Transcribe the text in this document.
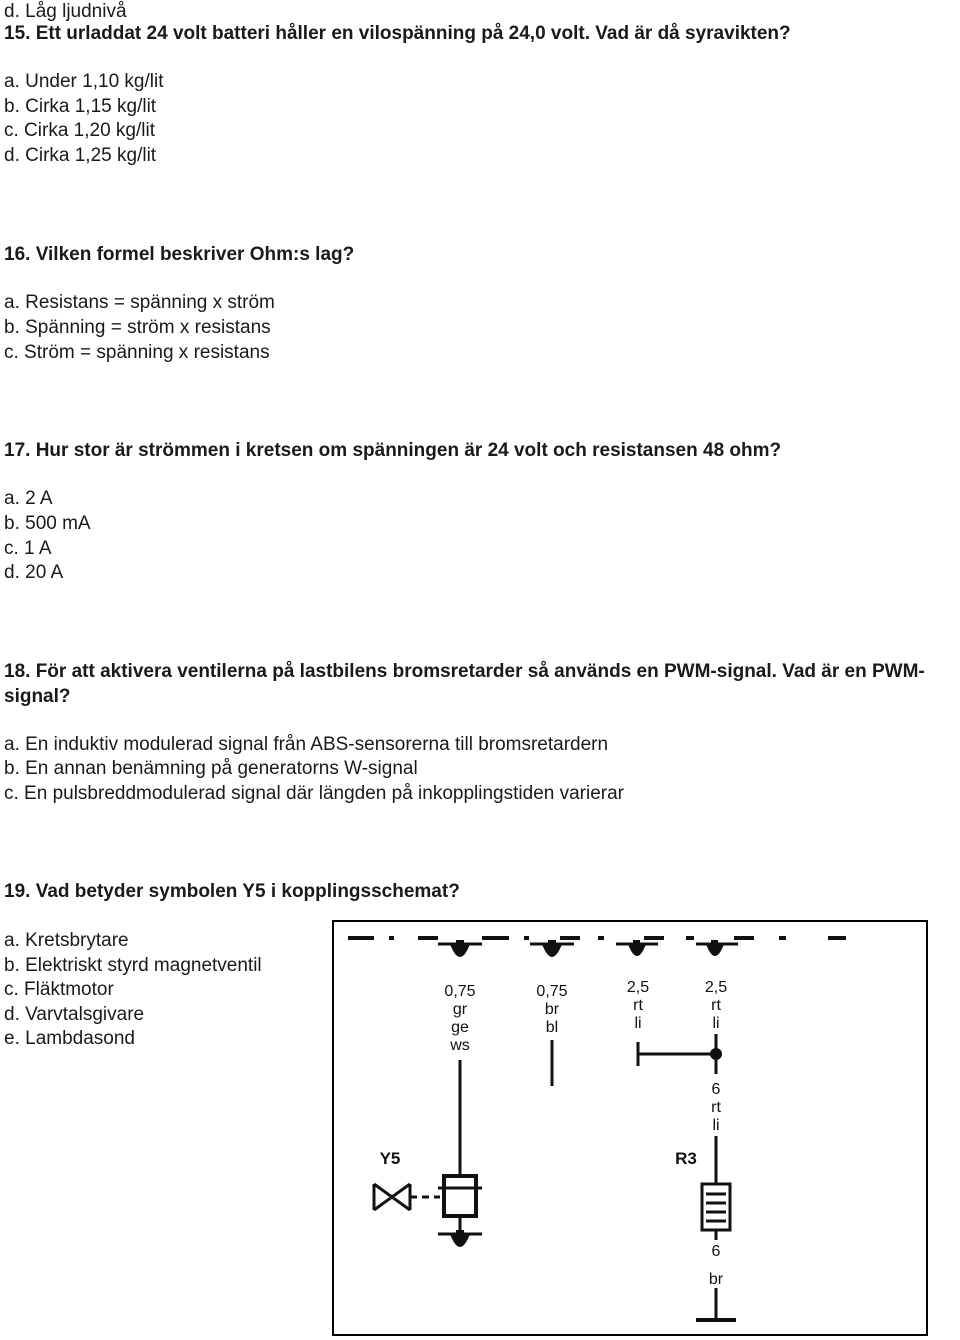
d. Låg ljudnivå
15. Ett urladdat 24 volt batteri håller en vilospänning på 24,0 volt. Vad är då syravikten?
a. Under 1,10 kg/lit
b. Cirka 1,15 kg/lit
c. Cirka 1,20 kg/lit
d. Cirka 1,25 kg/lit
16. Vilken formel beskriver Ohm:s lag?
a. Resistans = spänning x ström
b. Spänning = ström x resistans
c. Ström = spänning x resistans
17. Hur stor är strömmen i kretsen om spänningen är 24 volt och resistansen 48 ohm?
a. 2 A
b. 500 mA
c. 1 A
d. 20 A
18. För att aktivera ventilerna på lastbilens bromsretarder så används en PWM-signal. Vad är en PWM-signal?
a. En induktiv modulerad signal från ABS-sensorerna till bromsretardern
b. En annan benämning på generatorns W-signal
c. En pulsbreddmodulerad signal där längden på inkopplingstiden varierar
19. Vad betyder symbolen Y5 i kopplingsschemat?
a. Kretsbrytare
b. Elektriskt styrd magnetventil
c. Fläktmotor
d. Varvtalsgivare
e. Lambdasond
0,75
gr
ge
ws
0,75
br
bl
2,5
rt
li
2,5
rt
li
6
rt
li
Y5	R3
6
br
